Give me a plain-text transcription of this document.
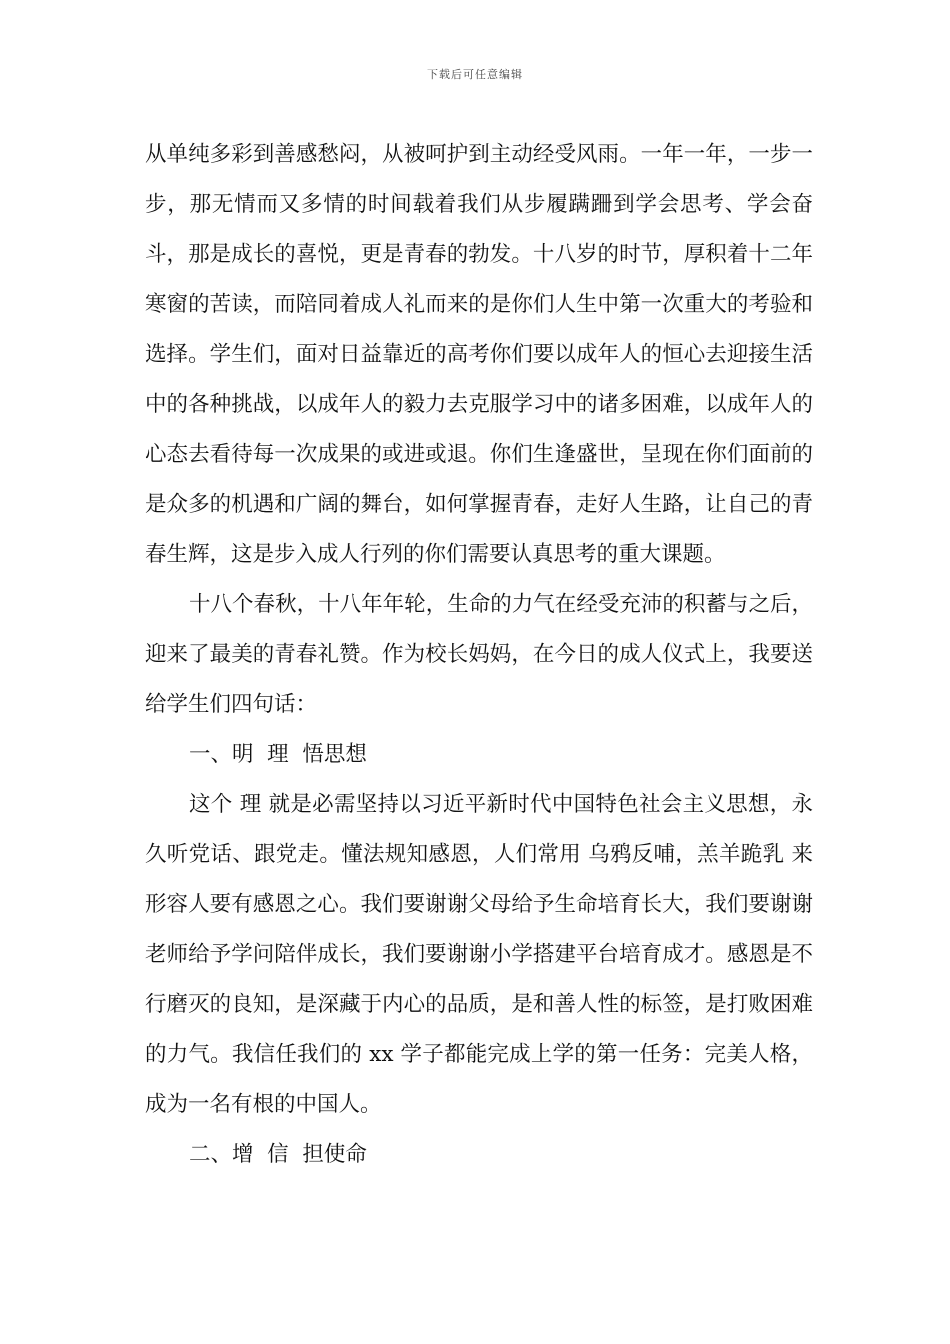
下载后可任意编辑

从单纯多彩到善感愁闷，从被呵护到主动经受风雨。一年一年，一步一步，那无情而又多情的时间载着我们从步履蹒跚到学会思考、学会奋斗，那是成长的喜悦，更是青春的勃发。十八岁的时节，厚积着十二年寒窗的苦读，而陪同着成人礼而来的是你们人生中第一次重大的考验和选择。学生们，面对日益靠近的高考你们要以成年人的恒心去迎接生活中的各种挑战，以成年人的毅力去克服学习中的诸多困难，以成年人的心态去看待每一次成果的或进或退。你们生逢盛世，呈现在你们面前的是众多的机遇和广阔的舞台，如何掌握青春，走好人生路，让自己的青春生辉，这是步入成人行列的你们需要认真思考的重大课题。

十八个春秋，十八年年轮，生命的力气在经受充沛的积蓄与之后，迎来了最美的青春礼赞。作为校长妈妈，在今日的成人仪式上，我要送给学生们四句话：

一、明  理  悟思想

这个 理 就是必需坚持以习近平新时代中国特色社会主义思想，永久听党话、跟党走。懂法规知感恩，人们常用 乌鸦反哺，羔羊跪乳 来形容人要有感恩之心。我们要谢谢父母给予生命培育长大，我们要谢谢老师给予学问陪伴成长，我们要谢谢小学搭建平台培育成才。感恩是不行磨灭的良知，是深藏于内心的品质，是和善人性的标签，是打败困难的力气。我信任我们的 xx 学子都能完成上学的第一任务：完美人格，成为一名有根的中国人。

二、增  信  担使命
